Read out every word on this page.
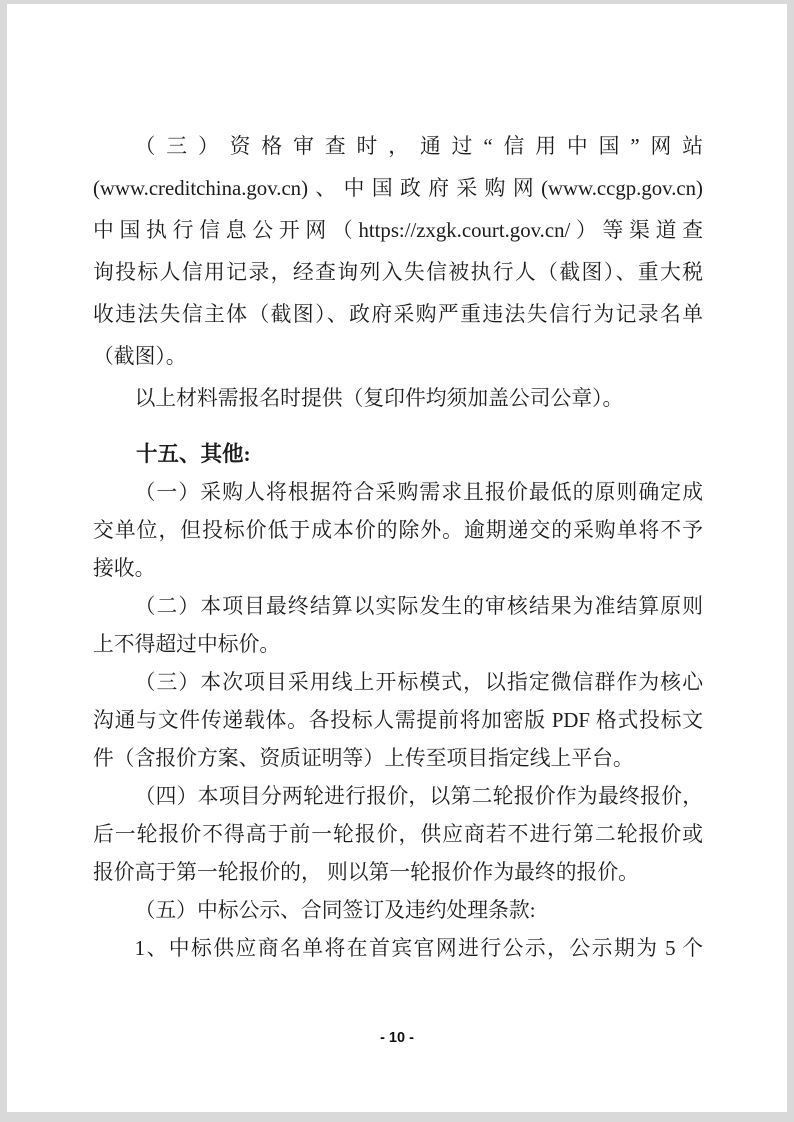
（三）资格审查时，通过“信用中国”网站
(www.creditchina.gov.cn)、中国政府采购网(www.ccgp.gov.cn)
中国执行信息公开网（https://zxgk.court.gov.cn/）等渠道查
询投标人信用记录，经查询列入失信被执行人（截图）、重大税
收违法失信主体（截图）、政府采购严重违法失信行为记录名单
（截图）。
以上材料需报名时提供（复印件均须加盖公司公章）。
十五、其他:
（一）采购人将根据符合采购需求且报价最低的原则确定成
交单位，但投标价低于成本价的除外。逾期递交的采购单将不予
接收。
（二）本项目最终结算以实际发生的审核结果为准结算原则
上不得超过中标价。
（三）本次项目采用线上开标模式，以指定微信群作为核心
沟通与文件传递载体。各投标人需提前将加密版 PDF 格式投标文
件（含报价方案、资质证明等）上传至项目指定线上平台。
（四）本项目分两轮进行报价，以第二轮报价作为最终报价，
后一轮报价不得高于前一轮报价，供应商若不进行第二轮报价或
报价高于第一轮报价的， 则以第一轮报价作为最终的报价。
（五）中标公示、合同签订及违约处理条款:
1、中标供应商名单将在首宾官网进行公示，公示期为 5 个
- 10 -
